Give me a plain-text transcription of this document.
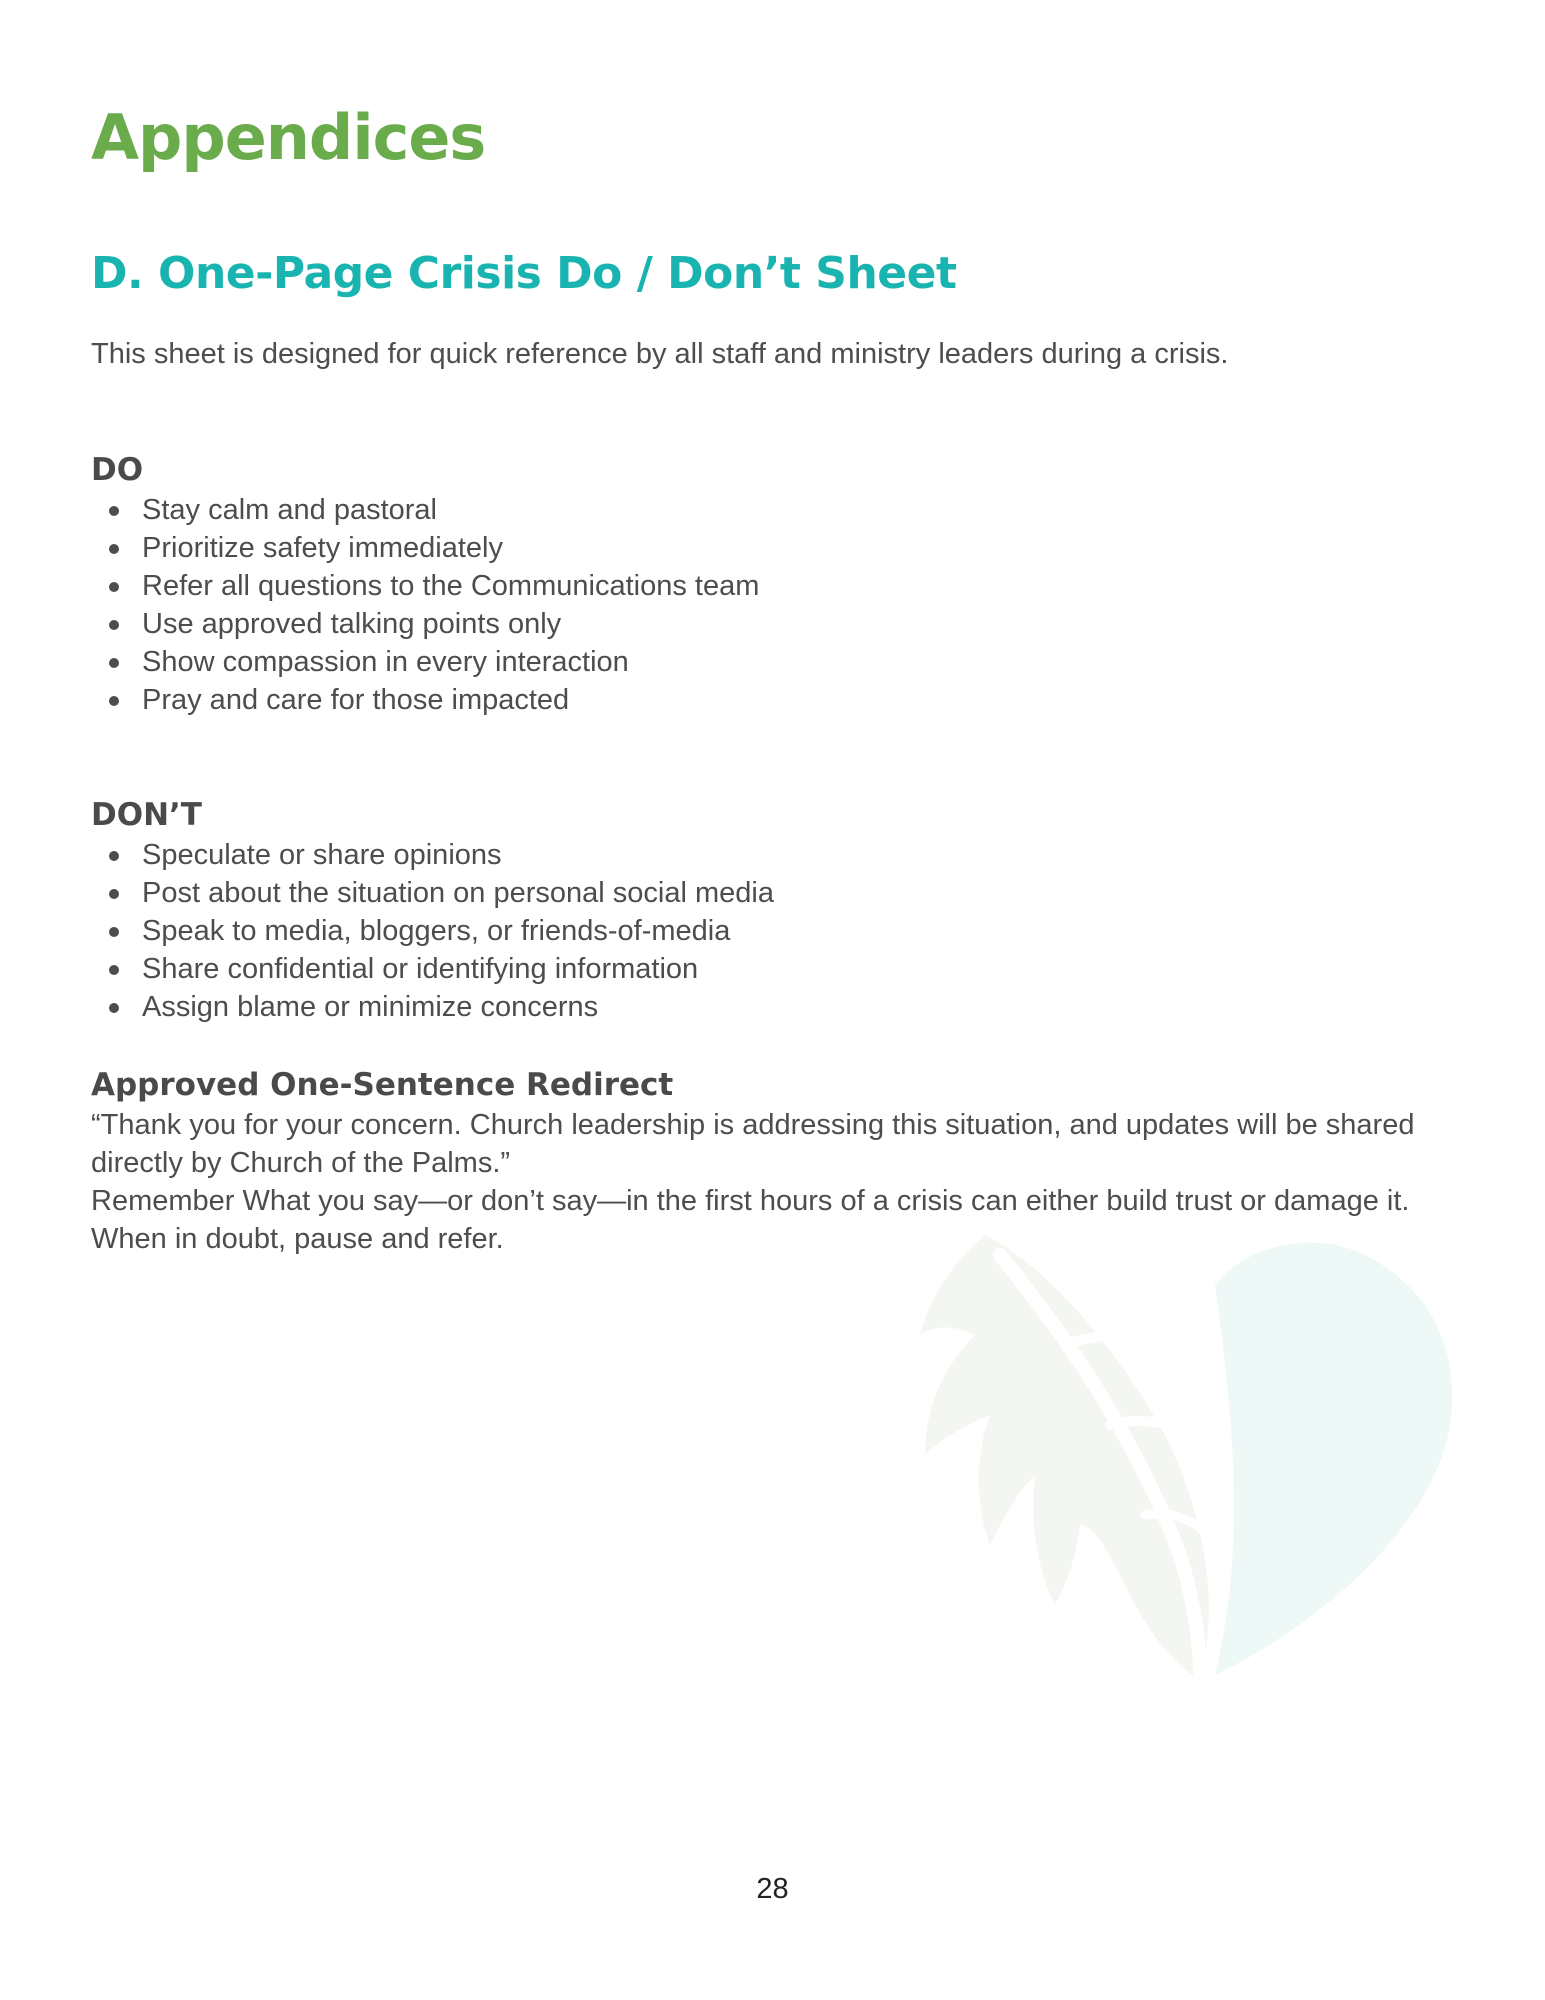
Appendices
D. One-Page Crisis Do / Don’t Sheet

This sheet is designed for quick reference by all staff and ministry leaders during a crisis.

DO
Stay calm and pastoral
Prioritize safety immediately
Refer all questions to the Communications team
Use approved talking points only
Show compassion in every interaction
Pray and care for those impacted
DON’T
Speculate or share opinions
Post about the situation on personal social media
Speak to media, bloggers, or friends-of-media
Share confidential or identifying information
Assign blame or minimize concerns
Approved One-Sentence Redirect

“Thank you for your concern. Church leadership is addressing this situation, and updates will be shared directly by Church of the Palms.”

Remember What you say—or don’t say—in the first hours of a crisis can either build trust or damage it. When in doubt, pause and refer.

28
